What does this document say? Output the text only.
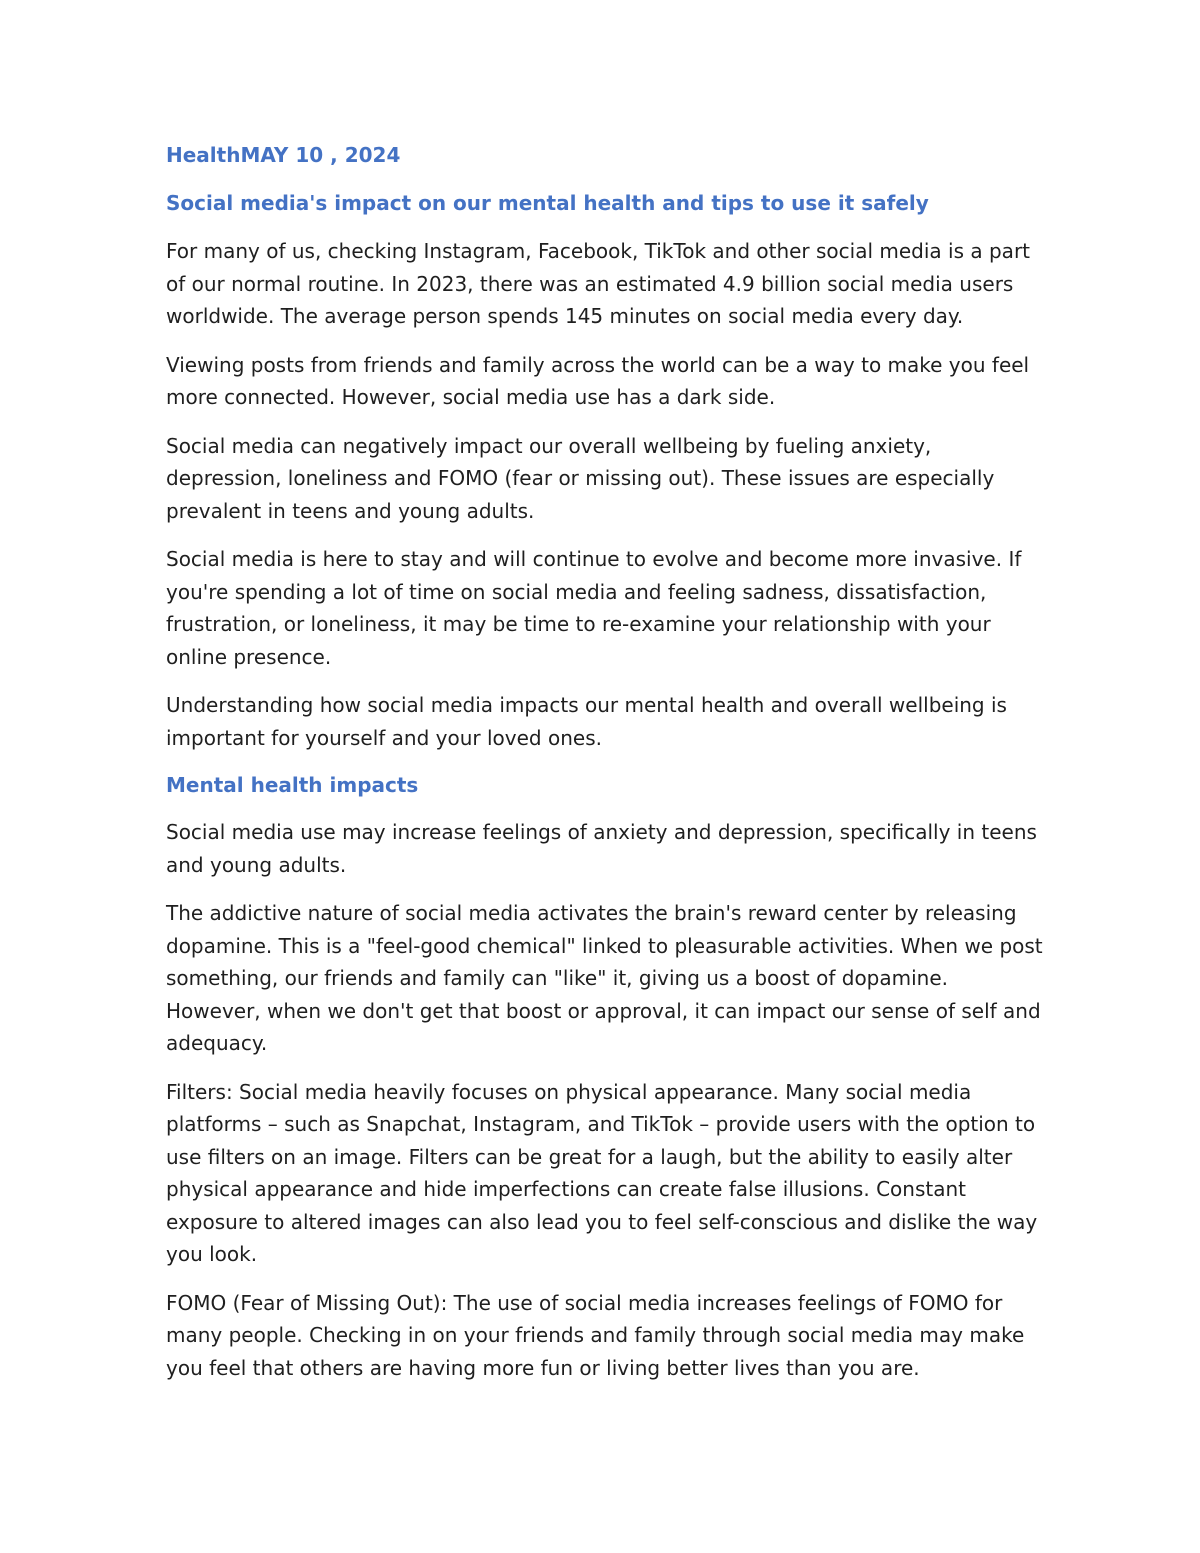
HealthMAY 10 , 2024
Social media's impact on our mental health and tips to use it safely

For many of us, checking Instagram, Facebook, TikTok and other social media is a part of our normal routine. In 2023, there was an estimated 4.9 billion social media users worldwide. The average person spends 145 minutes on social media every day.

Viewing posts from friends and family across the world can be a way to make you feel more connected. However, social media use has a dark side.

Social media can negatively impact our overall wellbeing by fueling anxiety, depression, loneliness and FOMO (fear or missing out). These issues are especially prevalent in teens and young adults.

Social media is here to stay and will continue to evolve and become more invasive. If you're spending a lot of time on social media and feeling sadness, dissatisfaction, frustration, or loneliness, it may be time to re-examine your relationship with your online presence.

Understanding how social media impacts our mental health and overall wellbeing is important for yourself and your loved ones.

Mental health impacts

Social media use may increase feelings of anxiety and depression, specifically in teens and young adults.

The addictive nature of social media activates the brain's reward center by releasing dopamine. This is a "feel-good chemical" linked to pleasurable activities. When we post something, our friends and family can "like" it, giving us a boost of dopamine. However, when we don't get that boost or approval, it can impact our sense of self and adequacy.

Filters: Social media heavily focuses on physical appearance. Many social media platforms – such as Snapchat, Instagram, and TikTok – provide users with the option to use filters on an image. Filters can be great for a laugh, but the ability to easily alter physical appearance and hide imperfections can create false illusions. Constant exposure to altered images can also lead you to feel self-conscious and dislike the way you look.

FOMO (Fear of Missing Out): The use of social media increases feelings of FOMO for many people. Checking in on your friends and family through social media may make you feel that others are having more fun or living better lives than you are.
